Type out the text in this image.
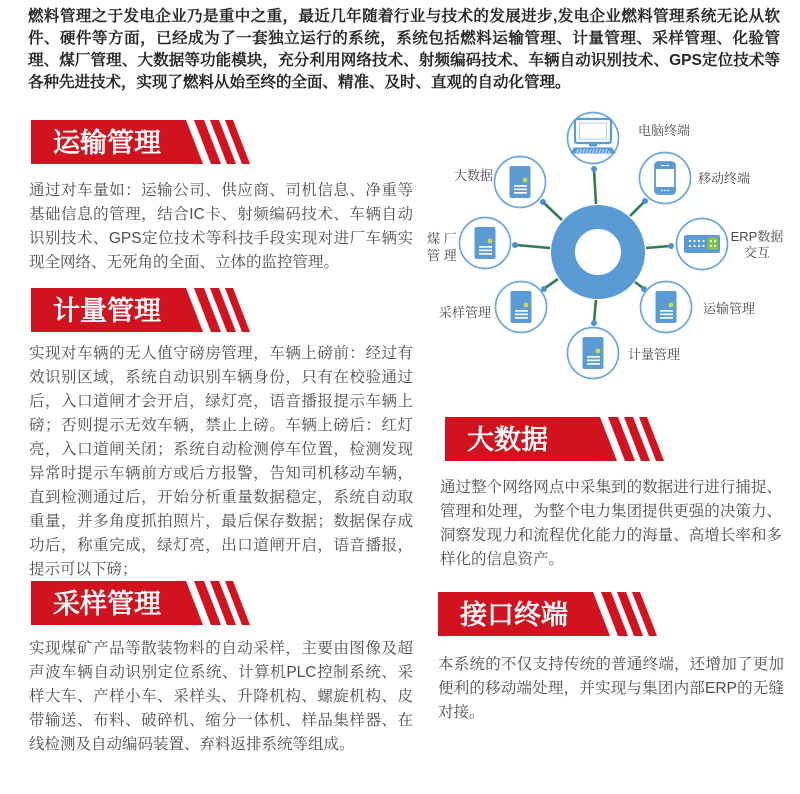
燃料管理之于发电企业乃是重中之重，最近几年随着行业与技术的发展进步,发电企业燃料管理系统无论从软件、硬件等方面，已经成为了一套独立运行的系统，系统包括燃料运输管理、计量管理、采样管理、化验管理、煤厂管理、大数据等功能模块，充分利用网络技术、射频编码技术、车辆自动识别技术、GPS定位技术等各种先进技术，实现了燃料从始至终的全面、精准、及时、直观的自动化管理。
运输管理
通过对车量如：运输公司、供应商、司机信息、净重等基础信息的管理，结合IC卡、射频编码技术、车辆自动识别技术、GPS定位技术等科技手段实现对进厂车辆实现全网络、无死角的全面、立体的监控管理。
计量管理
实现对车辆的无人值守磅房管理，车辆上磅前：经过有效识别区域，系统自动识别车辆身份，只有在校验通过后，入口道闸才会开启，绿灯亮，语音播报提示车辆上磅；否则提示无效车辆，禁止上磅。车辆上磅后：红灯亮，入口道闸关闭；系统自动检测停车位置，检测发现异常时提示车辆前方或后方报警，告知司机移动车辆，直到检测通过后，开始分析重量数据稳定，系统自动取重量，并多角度抓拍照片，最后保存数据；数据保存成功后，称重完成，绿灯亮，出口道闸开启，语音播报，提示可以下磅；
采样管理
实现煤矿产品等散装物料的自动采样，主要由图像及超声波车辆自动识别定位系统、计算机PLC控制系统、采样大车、产样小车、采样头、升降机构、螺旋机构、皮带输送、布料、破碎机、缩分一体机、样品集样器、在线检测及自动编码装置、弃料返排系统等组成。
电脑终端
移动终端
ERP数据
交互
运输管理
计量管理
采样管理
煤 厂
管 理
大数据
大数据
通过整个网络网点中采集到的数据进行进行捕捉、管理和处理，为整个电力集团提供更强的决策力、洞察发现力和流程优化能力的海量、高增长率和多样化的信息资产。
接口终端
本系统的不仅支持传统的普通终端，还增加了更加便利的移动端处理，并实现与集团内部ERP的无缝对接。
